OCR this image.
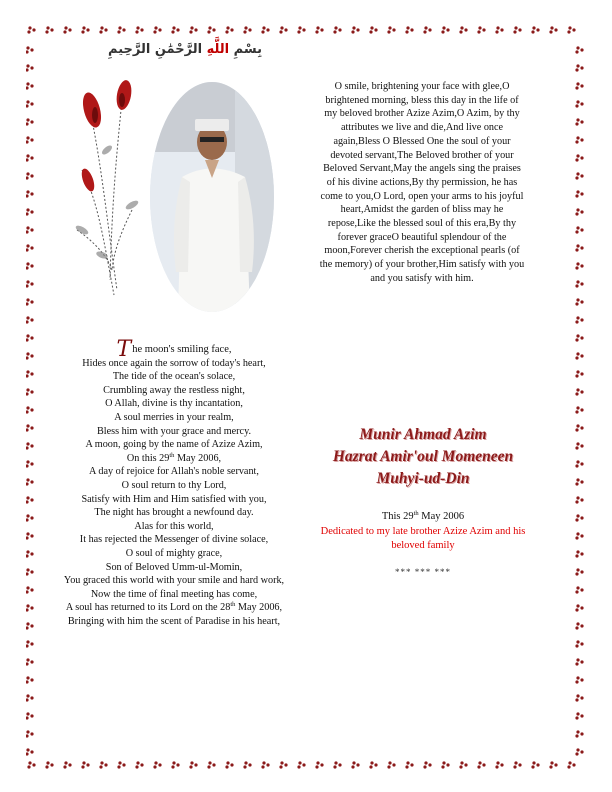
بِسْمِ اللَّهِ الرَّحْمَٰنِ الرَّحِيمِ
The moon's smiling face,
Hides once again the sorrow of today's heart,
The tide of the ocean's solace,
Crumbling away the restless night,
O Allah, divine is thy incantation,
A soul merries in your realm,
Bless him with your grace and mercy.
A moon, going by the name of Azize Azim,
On this 29th May 2006,
A day of rejoice for Allah's noble servant,
O soul return to thy Lord,
Satisfy with Him and Him satisfied with you,
The night has brought a newfound day.
Alas for this world,
It has rejected the Messenger of divine solace,
O soul of mighty grace,
Son of Beloved Umm-ul-Momin,
You graced this world with your smile and hard work,
Now the time of final meeting has come,
A soul has returned to its Lord on the 28th May 2006,
Bringing with him the scent of Paradise in his heart,
O smile, brightening your face with glee,O brightened morning, bless this day in the life of my beloved brother Azize Azim,O Azim, by thy attributes we live and die,And live once again,Bless O Blessed One the soul of your devoted servant,The Beloved brother of your Beloved Servant,May the angels sing the praises of his divine actions,By thy permission, he has come to you,O Lord, open your arms to his joyful heart,Amidst the garden of bliss may he repose,Like the blessed soul of this era,By thy forever graceO beautiful splendour of the moon,Forever cherish the exceptional pearls (of the memory) of your brother,Him satisfy with you and you satisfy with him.
Munir Ahmad Azim
Hazrat Amir'oul Momeneen
Muhyi-ud-Din
This 29th May 2006
Dedicated to my late brother Azize Azim and his beloved family
*** *** ***
